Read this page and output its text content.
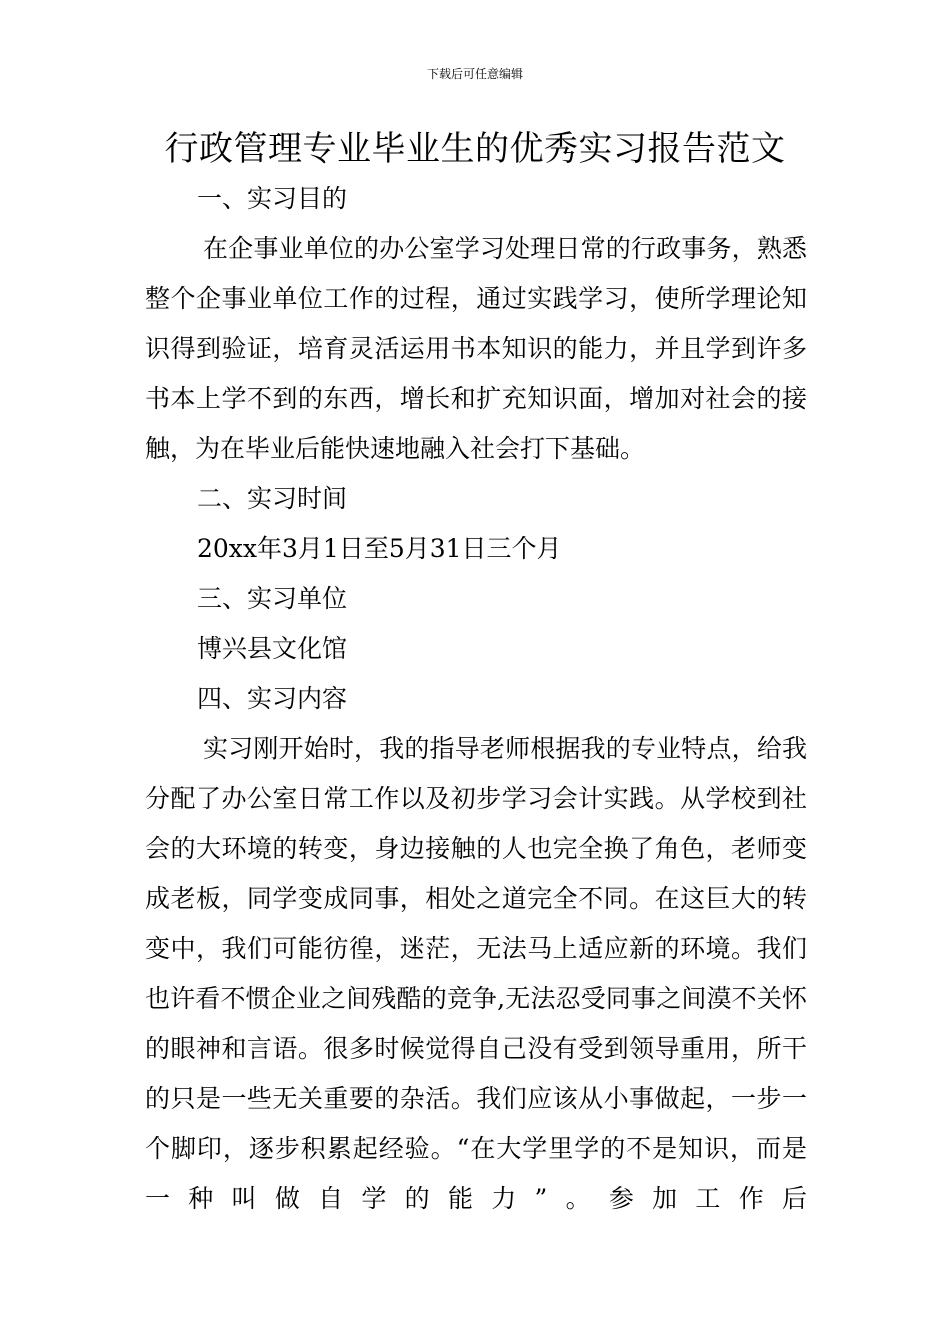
下载后可任意编辑
行政管理专业毕业生的优秀实习报告范文

一、实习目的

在企事业单位的办公室学习处理日常的行政事务，熟悉整个企事业单位工作的过程，通过实践学习，使所学理论知识得到验证，培育灵活运用书本知识的能力，并且学到许多书本上学不到的东西，增长和扩充知识面，增加对社会的接触，为在毕业后能快速地融入社会打下基础。

二、实习时间

20xx年3月1日至5月31日三个月

三、实习单位

博兴县文化馆

四、实习内容

实习刚开始时，我的指导老师根据我的专业特点，给我分配了办公室日常工作以及初步学习会计实践。从学校到社会的大环境的转变，身边接触的人也完全换了角色，老师变成老板，同学变成同事，相处之道完全不同。在这巨大的转变中，我们可能彷徨，迷茫，无法马上适应新的环境。我们也许看不惯企业之间残酷的竞争,无法忍受同事之间漠不关怀的眼神和言语。很多时候觉得自己没有受到领导重用，所干的只是一些无关重要的杂活。我们应该从小事做起，一步一个脚印，逐步积累起经验。“在大学里学的不是知识，而是一种叫做自学的能力”。参加工作后
